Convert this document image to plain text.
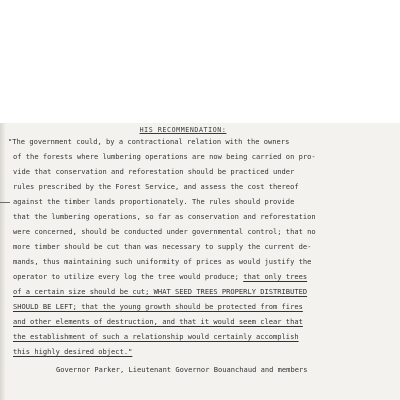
HIS RECOMMENDATION:
"The government could, by a contractional relation with the owners
of the forests where lumbering operations are now being carried on pro-
vide that conservation and reforestation should be practiced under
rules prescribed by the Forest Service, and assess the cost thereof
against the timber lands proportionately. The rules should provide
that the lumbering operations, so far as conservation and reforestation
were concerned, should be conducted under governmental control; that no
more timber should be cut than was necessary to supply the current de-
mands, thus maintaining such uniformity of prices as would justify the
operator to utilize every log the tree would produce; that only trees
of a certain size should be cut; WHAT SEED TREES PROPERLY DISTRIBUTED
SHOULD BE LEFT; that the young growth should be protected from fires
and other elements of destruction, and that it would seem clear that
the establishment of such a relationship would certainly accomplish
this highly desired object."
Governor Parker, Lieutenant Governor Bouanchaud and members
